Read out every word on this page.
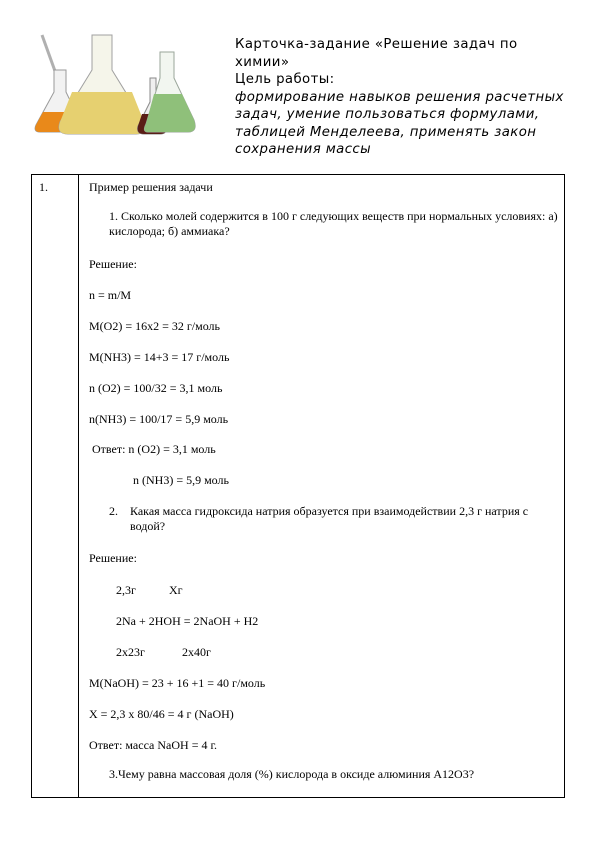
Карточка-задание «Решение задач по
химии»
Цель работы:
формирование навыков решения расчетных задач, умение пользоваться формулами, таблицей Менделеева, применять закон сохранения массы
1.	Пример решения задачи
1. Сколько молей содержится в 100 г следующих веществ при нормальных условиях: а) кислорода; б) аммиака?
Решение:
n = m/M
M(O2) = 16x2 = 32 г/моль
M(NH3) = 14+3 = 17 г/моль
n (O2) = 100/32 = 3,1 моль
n(NH3) = 100/17 = 5,9 моль
Ответ: n (O2) = 3,1 моль
n (NH3) = 5,9 моль
2. Какая масса гидроксида натрия образуется при взаимодействии 2,3 г натрия с водой?
Решение:
2,3г	Хг
2Na + 2HOH = 2NaOH + H2
2х23г	2х40г
M(NaOH) = 23 + 16 +1 = 40 г/моль
Х = 2,3 х 80/46 = 4 г (NaOH)
Ответ: масса NaOH = 4 г.
3.Чему равна массовая доля (%) кислорода в оксиде алюминия А12О3?
